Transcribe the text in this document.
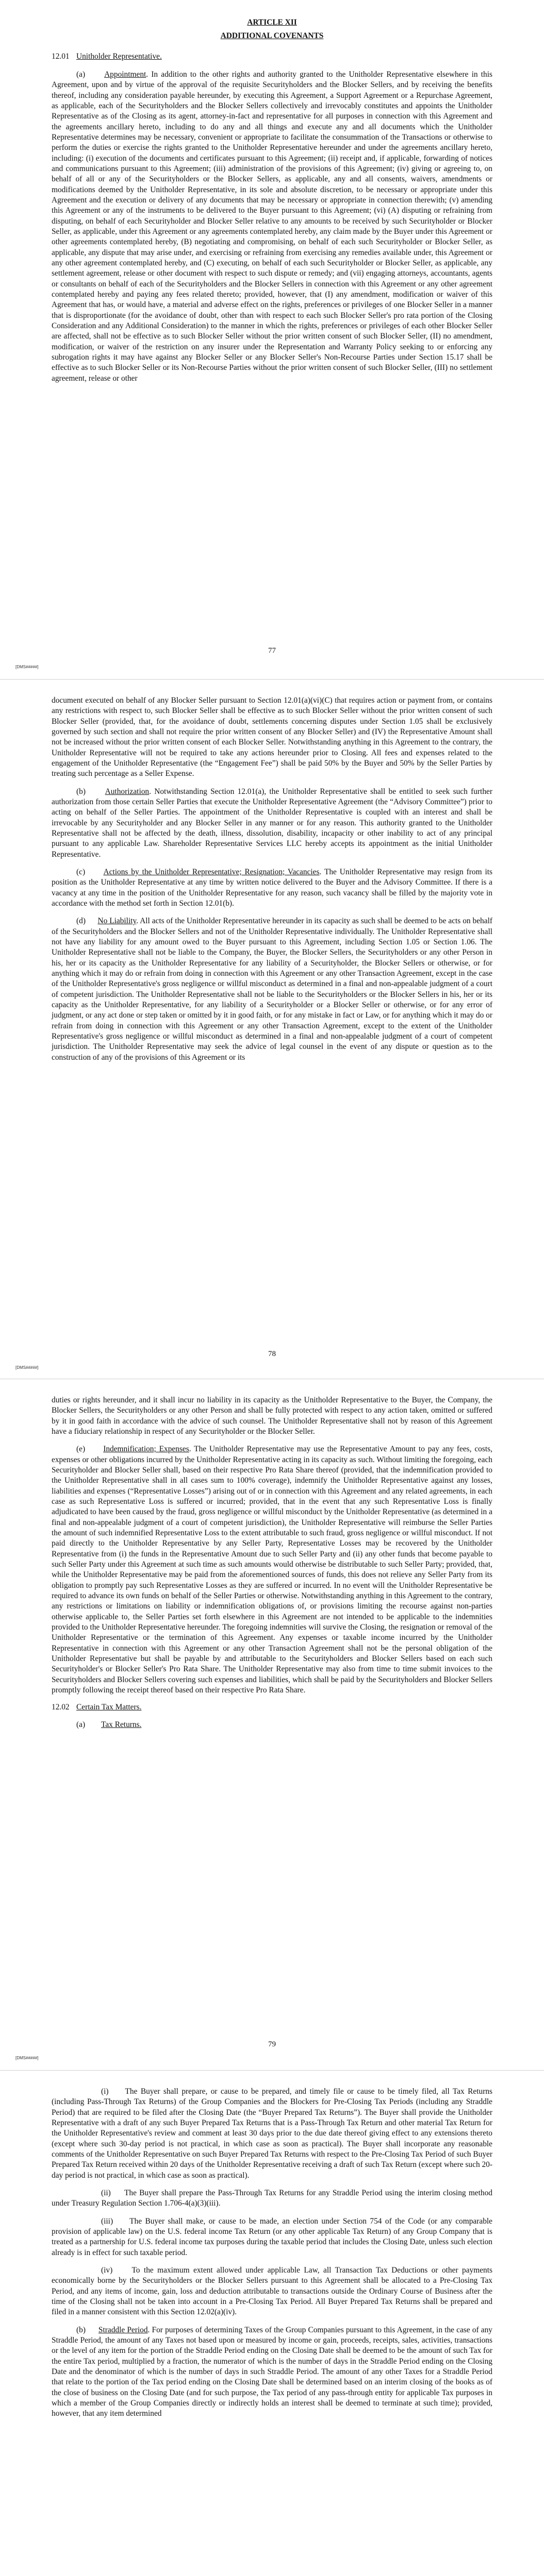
ARTICLE XII
ADDITIONAL COVENANTS
12.01 Unitholder Representative.

(a) Appointment. In addition to the other rights and authority granted to the Unitholder Representative elsewhere in this Agreement, upon and by virtue of the approval of the requisite Securityholders and the Blocker Sellers, and by receiving the benefits thereof, including any consideration payable hereunder, by executing this Agreement, a Support Agreement or a Repurchase Agreement, as applicable, each of the Securityholders and the Blocker Sellers collectively and irrevocably constitutes and appoints the Unitholder Representative as of the Closing as its agent, attorney-in-fact and representative for all purposes in connection with this Agreement and the agreements ancillary hereto, including to do any and all things and execute any and all documents which the Unitholder Representative determines may be necessary, convenient or appropriate to facilitate the consummation of the Transactions or otherwise to perform the duties or exercise the rights granted to the Unitholder Representative hereunder and under the agreements ancillary hereto, including: (i) execution of the documents and certificates pursuant to this Agreement; (ii) receipt and, if applicable, forwarding of notices and communications pursuant to this Agreement; (iii) administration of the provisions of this Agreement; (iv) giving or agreeing to, on behalf of all or any of the Securityholders or the Blocker Sellers, as applicable, any and all consents, waivers, amendments or modifications deemed by the Unitholder Representative, in its sole and absolute discretion, to be necessary or appropriate under this Agreement and the execution or delivery of any documents that may be necessary or appropriate in connection therewith; (v) amending this Agreement or any of the instruments to be delivered to the Buyer pursuant to this Agreement; (vi) (A) disputing or refraining from disputing, on behalf of each Securityholder and Blocker Seller relative to any amounts to be received by such Securityholder or Blocker Seller, as applicable, under this Agreement or any agreements contemplated hereby, any claim made by the Buyer under this Agreement or other agreements contemplated hereby, (B) negotiating and compromising, on behalf of each such Securityholder or Blocker Seller, as applicable, any dispute that may arise under, and exercising or refraining from exercising any remedies available under, this Agreement or any other agreement contemplated hereby, and (C) executing, on behalf of each such Securityholder or Blocker Seller, as applicable, any settlement agreement, release or other document with respect to such dispute or remedy; and (vii) engaging attorneys, accountants, agents or consultants on behalf of each of the Securityholders and the Blocker Sellers in connection with this Agreement or any other agreement contemplated hereby and paying any fees related thereto; provided, however, that (I) any amendment, modification or waiver of this Agreement that has, or would have, a material and adverse effect on the rights, preferences or privileges of one Blocker Seller in a manner that is disproportionate (for the avoidance of doubt, other than with respect to each such Blocker Seller's pro rata portion of the Closing Consideration and any Additional Consideration) to the manner in which the rights, preferences or privileges of each other Blocker Seller are affected, shall not be effective as to such Blocker Seller without the prior written consent of such Blocker Seller, (II) no amendment, modification, or waiver of the restriction on any insurer under the Representation and Warranty Policy seeking to or enforcing any subrogation rights it may have against any Blocker Seller or any Blocker Seller's Non-Recourse Parties under Section 15.17 shall be effective as to such Blocker Seller or its Non-Recourse Parties without the prior written consent of such Blocker Seller, (III) no settlement agreement, release or other

77
[DMS#####]

document executed on behalf of any Blocker Seller pursuant to Section 12.01(a)(vi)(C) that requires action or payment from, or contains any restrictions with respect to, such Blocker Seller shall be effective as to such Blocker Seller without the prior written consent of such Blocker Seller (provided, that, for the avoidance of doubt, settlements concerning disputes under Section 1.05 shall be exclusively governed by such section and shall not require the prior written consent of any Blocker Seller) and (IV) the Representative Amount shall not be increased without the prior written consent of each Blocker Seller. Notwithstanding anything in this Agreement to the contrary, the Unitholder Representative will not be required to take any actions hereunder prior to Closing. All fees and expenses related to the engagement of the Unitholder Representative (the “Engagement Fee”) shall be paid 50% by the Buyer and 50% by the Seller Parties by treating such percentage as a Seller Expense.

(b) Authorization. Notwithstanding Section 12.01(a), the Unitholder Representative shall be entitled to seek such further authorization from those certain Seller Parties that execute the Unitholder Representative Agreement (the “Advisory Committee”) prior to acting on behalf of the Seller Parties. The appointment of the Unitholder Representative is coupled with an interest and shall be irrevocable by any Securityholder and any Blocker Seller in any manner or for any reason. This authority granted to the Unitholder Representative shall not be affected by the death, illness, dissolution, disability, incapacity or other inability to act of any principal pursuant to any applicable Law. Shareholder Representative Services LLC hereby accepts its appointment as the initial Unitholder Representative.

(c) Actions by the Unitholder Representative; Resignation; Vacancies. The Unitholder Representative may resign from its position as the Unitholder Representative at any time by written notice delivered to the Buyer and the Advisory Committee. If there is a vacancy at any time in the position of the Unitholder Representative for any reason, such vacancy shall be filled by the majority vote in accordance with the method set forth in Section 12.01(b).

(d) No Liability. All acts of the Unitholder Representative hereunder in its capacity as such shall be deemed to be acts on behalf of the Securityholders and the Blocker Sellers and not of the Unitholder Representative individually. The Unitholder Representative shall not have any liability for any amount owed to the Buyer pursuant to this Agreement, including Section 1.05 or Section 1.06. The Unitholder Representative shall not be liable to the Company, the Buyer, the Blocker Sellers, the Securityholders or any other Person in his, her or its capacity as the Unitholder Representative for any liability of a Securityholder, the Blocker Sellers or otherwise, or for anything which it may do or refrain from doing in connection with this Agreement or any other Transaction Agreement, except in the case of the Unitholder Representative's gross negligence or willful misconduct as determined in a final and non-appealable judgment of a court of competent jurisdiction. The Unitholder Representative shall not be liable to the Securityholders or the Blocker Sellers in his, her or its capacity as the Unitholder Representative, for any liability of a Securityholder or a Blocker Seller or otherwise, or for any error of judgment, or any act done or step taken or omitted by it in good faith, or for any mistake in fact or Law, or for anything which it may do or refrain from doing in connection with this Agreement or any other Transaction Agreement, except to the extent of the Unitholder Representative's gross negligence or willful misconduct as determined in a final and non-appealable judgment of a court of competent jurisdiction. The Unitholder Representative may seek the advice of legal counsel in the event of any dispute or question as to the construction of any of the provisions of this Agreement or its

78
[DMS#####]

duties or rights hereunder, and it shall incur no liability in its capacity as the Unitholder Representative to the Buyer, the Company, the Blocker Sellers, the Securityholders or any other Person and shall be fully protected with respect to any action taken, omitted or suffered by it in good faith in accordance with the advice of such counsel. The Unitholder Representative shall not by reason of this Agreement have a fiduciary relationship in respect of any Securityholder or the Blocker Seller.

(e) Indemnification; Expenses. The Unitholder Representative may use the Representative Amount to pay any fees, costs, expenses or other obligations incurred by the Unitholder Representative acting in its capacity as such. Without limiting the foregoing, each Securityholder and Blocker Seller shall, based on their respective Pro Rata Share thereof (provided, that the indemnification provided to the Unitholder Representative shall in all cases sum to 100% coverage), indemnify the Unitholder Representative against any losses, liabilities and expenses (“Representative Losses”) arising out of or in connection with this Agreement and any related agreements, in each case as such Representative Loss is suffered or incurred; provided, that in the event that any such Representative Loss is finally adjudicated to have been caused by the fraud, gross negligence or willful misconduct by the Unitholder Representative (as determined in a final and non-appealable judgment of a court of competent jurisdiction), the Unitholder Representative will reimburse the Seller Parties the amount of such indemnified Representative Loss to the extent attributable to such fraud, gross negligence or willful misconduct. If not paid directly to the Unitholder Representative by any Seller Party, Representative Losses may be recovered by the Unitholder Representative from (i) the funds in the Representative Amount due to such Seller Party and (ii) any other funds that become payable to such Seller Party under this Agreement at such time as such amounts would otherwise be distributable to such Seller Party; provided, that, while the Unitholder Representative may be paid from the aforementioned sources of funds, this does not relieve any Seller Party from its obligation to promptly pay such Representative Losses as they are suffered or incurred. In no event will the Unitholder Representative be required to advance its own funds on behalf of the Seller Parties or otherwise. Notwithstanding anything in this Agreement to the contrary, any restrictions or limitations on liability or indemnification obligations of, or provisions limiting the recourse against non-parties otherwise applicable to, the Seller Parties set forth elsewhere in this Agreement are not intended to be applicable to the indemnities provided to the Unitholder Representative hereunder. The foregoing indemnities will survive the Closing, the resignation or removal of the Unitholder Representative or the termination of this Agreement. Any expenses or taxable income incurred by the Unitholder Representative in connection with this Agreement or any other Transaction Agreement shall not be the personal obligation of the Unitholder Representative but shall be payable by and attributable to the Securityholders and Blocker Sellers based on each such Securityholder's or Blocker Seller's Pro Rata Share. The Unitholder Representative may also from time to time submit invoices to the Securityholders and Blocker Sellers covering such expenses and liabilities, which shall be paid by the Securityholders and Blocker Sellers promptly following the receipt thereof based on their respective Pro Rata Share.

12.02 Certain Tax Matters.
(a) Tax Returns.
79
[DMS#####]

(i) The Buyer shall prepare, or cause to be prepared, and timely file or cause to be timely filed, all Tax Returns (including Pass-Through Tax Returns) of the Group Companies and the Blockers for Pre-Closing Tax Periods (including any Straddle Period) that are required to be filed after the Closing Date (the “Buyer Prepared Tax Returns”). The Buyer shall provide the Unitholder Representative with a draft of any such Buyer Prepared Tax Returns that is a Pass-Through Tax Return and other material Tax Return for the Unitholder Representative's review and comment at least 30 days prior to the due date thereof giving effect to any extensions thereto (except where such 30-day period is not practical, in which case as soon as practical). The Buyer shall incorporate any reasonable comments of the Unitholder Representative on such Buyer Prepared Tax Returns with respect to the Pre-Closing Tax Period of such Buyer Prepared Tax Return received within 20 days of the Unitholder Representative receiving a draft of such Tax Return (except where such 20-day period is not practical, in which case as soon as practical).

(ii) The Buyer shall prepare the Pass-Through Tax Returns for any Straddle Period using the interim closing method under Treasury Regulation Section 1.706-4(a)(3)(iii).

(iii) The Buyer shall make, or cause to be made, an election under Section 754 of the Code (or any comparable provision of applicable law) on the U.S. federal income Tax Return (or any other applicable Tax Return) of any Group Company that is treated as a partnership for U.S. federal income tax purposes during the taxable period that includes the Closing Date, unless such election already is in effect for such taxable period.

(iv) To the maximum extent allowed under applicable Law, all Transaction Tax Deductions or other payments economically borne by the Securityholders or the Blocker Sellers pursuant to this Agreement shall be allocated to a Pre-Closing Tax Period, and any items of income, gain, loss and deduction attributable to transactions outside the Ordinary Course of Business after the time of the Closing shall not be taken into account in a Pre-Closing Tax Period. All Buyer Prepared Tax Returns shall be prepared and filed in a manner consistent with this Section 12.02(a)(iv).

(b) Straddle Period. For purposes of determining Taxes of the Group Companies pursuant to this Agreement, in the case of any Straddle Period, the amount of any Taxes not based upon or measured by income or gain, proceeds, receipts, sales, activities, transactions or the level of any item for the portion of the Straddle Period ending on the Closing Date shall be deemed to be the amount of such Tax for the entire Tax period, multiplied by a fraction, the numerator of which is the number of days in the Straddle Period ending on the Closing Date and the denominator of which is the number of days in such Straddle Period. The amount of any other Taxes for a Straddle Period that relate to the portion of the Tax period ending on the Closing Date shall be determined based on an interim closing of the books as of the close of business on the Closing Date (and for such purpose, the Tax period of any pass-through entity for applicable Tax purposes in which a member of the Group Companies directly or indirectly holds an interest shall be deemed to terminate at such time); provided, however, that any item determined
